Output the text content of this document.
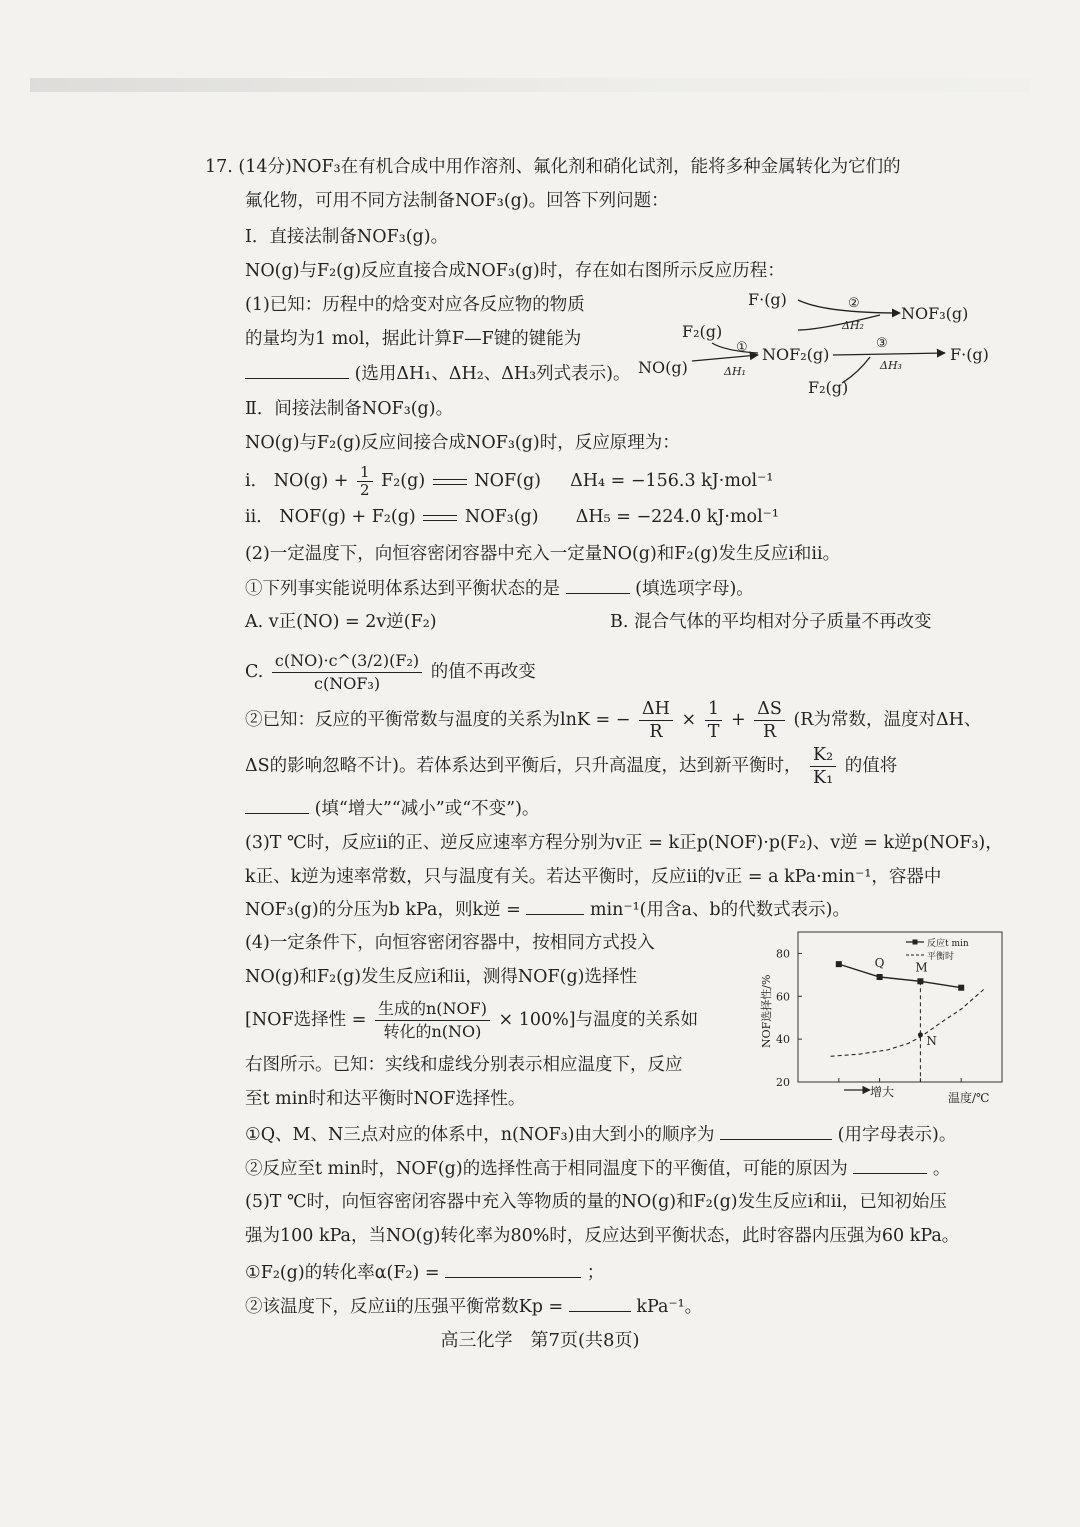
17. (14分)NOF₃在有机合成中用作溶剂、氟化剂和硝化试剂，能将多种金属转化为它们的
氟化物，可用不同方法制备NOF₃(g)。回答下列问题：
Ⅰ．直接法制备NOF₃(g)。
NO(g)与F₂(g)反应直接合成NOF₃(g)时，存在如右图所示反应历程：
(1)已知：历程中的焓变对应各反应物的物质
的量均为1 mol，据此计算F—F键的键能为
(选用ΔH₁、ΔH₂、ΔH₃列式表示)。
F·(g)	②
ΔH₂
NOF₃(g)
F₂(g)
NO(g)
①
ΔH₁
NOF₂(g)
③
ΔH₃
F·(g)
F₂(g)
Ⅱ．间接法制备NOF₃(g)。
NO(g)与F₂(g)反应间接合成NOF₃(g)时，反应原理为：
ⅰ． $NO(g) + \frac{1}{2} F_2(g)$	NOF(g) ΔH₄ = −156.3 kJ·mol⁻¹
ⅱ． NOF(g) + F₂(g)	NOF₃(g) ΔH₅ = −224.0 kJ·mol⁻¹
(2)一定温度下，向恒容密闭容器中充入一定量NO(g)和F₂(g)发生反应ⅰ和ⅱ。
①下列事实能说明体系达到平衡状态的是	(填选项字母)。
A. v正(NO) = 2v逆(F₂)	B. 混合气体的平均相对分子质量不再改变
C. $\frac{\text{c(NO)·c\textasciicircum{}(3/2)(F₂)}}{\text{c(NOF₃)}}$ 的值不再改变
②已知：反应的平衡常数与温度的关系为lnK = − $\frac{\Delta H}{R} \times \frac{1}{T} + \frac{\Delta S}{R} (R$为常数，温度对ΔH、
ΔS的影响忽略不计)。若体系达到平衡后，只升高温度，达到新平衡时， $\frac{\text{K₂}}{\text{K₁}}$ 的值将
(填“增大”“减小”或“不变”)。
(3)T ℃时，反应ⅱ的正、逆反应速率方程分别为v正 = k正p(NOF)·p(F₂)、v逆 = k逆p(NOF₃)，
k正、k逆为速率常数，只与温度有关。若达平衡时，反应ⅱ的v正 = a kPa·min⁻¹，容器中
NOF₃(g)的分压为b kPa，则k逆 =	min⁻¹(用含a、b的代数式表示)。
(4)一定条件下，向恒容密闭容器中，按相同方式投入
NO(g)和F₂(g)发生反应ⅰ和ⅱ，测得NOF(g)选择性
[NOF选择性 = $\frac{\text{生成的n(NOF)}}{\text{转化的n(NO)}} \times 100\%$]与温度的关系如
右图所示。已知：实线和虚线分别表示相应温度下，反应
至t min时和达平衡时NOF选择性。
NOF选择性/%
温度/℃
增大
反应t min
平衡时
20
40
60
80
Q	M
N
①Q、M、N三点对应的体系中，n(NOF₃)由大到小的顺序为	(用字母表示)。
②反应至t min时，NOF(g)的选择性高于相同温度下的平衡值，可能的原因为	。
(5)T ℃时，向恒容密闭容器中充入等物质的量的NO(g)和F₂(g)发生反应ⅰ和ⅱ，已知初始压
强为100 kPa，当NO(g)转化率为80%时，反应达到平衡状态，此时容器内压强为60 kPa。
①F₂(g)的转化率α(F₂) =	；
②该温度下，反应ⅱ的压强平衡常数Kp =	kPa⁻¹。
高三化学　第7页(共8页)
